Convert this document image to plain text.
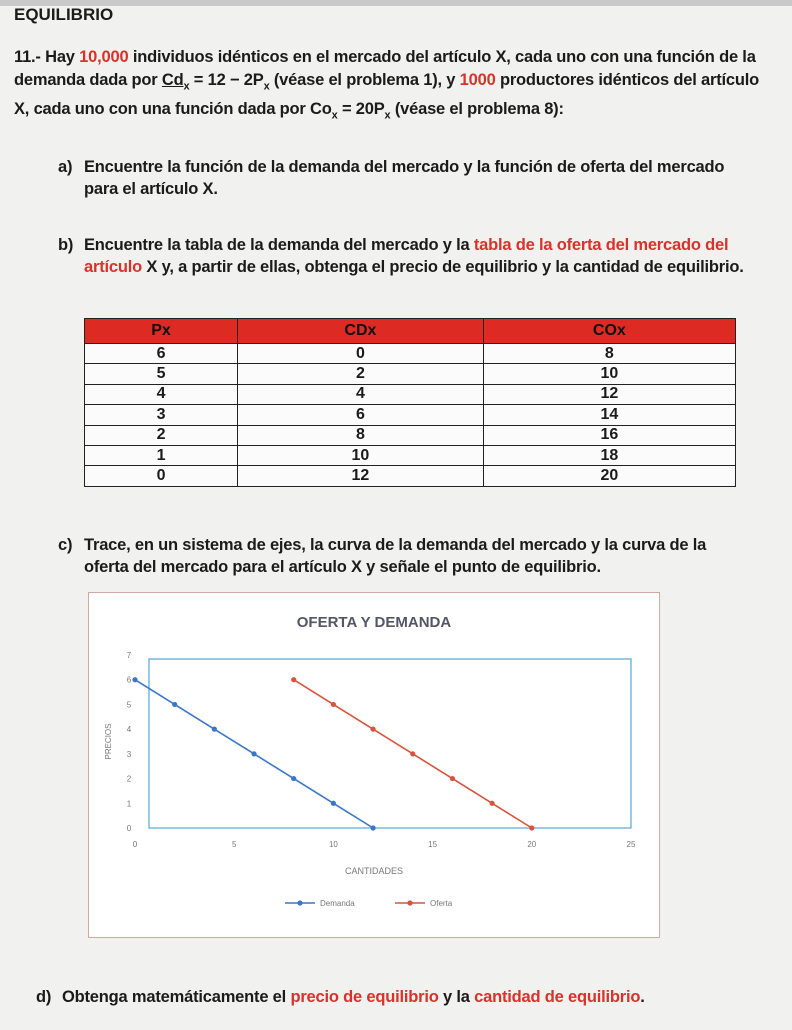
EQUILIBRIO
11.- Hay 10,000 individuos idénticos en el mercado del artículo X, cada uno con una función de la demanda dada por $Cd_x = 12 - 2P_x$ (véase el problema 1), y 1000 productores idénticos del artículo X, cada uno con una función dada por $Co_x = 20P_x$ (véase el problema 8):
a) Encuentre la función de la demanda del mercado y la función de oferta del mercado para el artículo X.
b) Encuentre la tabla de la demanda del mercado y la tabla de la oferta del mercado del artículo X y, a partir de ellas, obtenga el precio de equilibrio y la cantidad de equilibrio.
Px	CDx	COx
6	0	8
5	2	10
4	4	12
3	6	14
2	8	16
1	10	18
0	12	20
c) Trace, en un sistema de ejes, la curva de la demanda del mercado y la curva de la oferta del mercado para el artículo X y señale el punto de equilibrio.
OFERTA Y DEMANDA
0
1
2
3
4
5
6
7
0	5	10	15	20	25
PRECIOS
CANTIDADES
Demanda	Oferta
d) Obtenga matemáticamente el precio de equilibrio y la cantidad de equilibrio.
